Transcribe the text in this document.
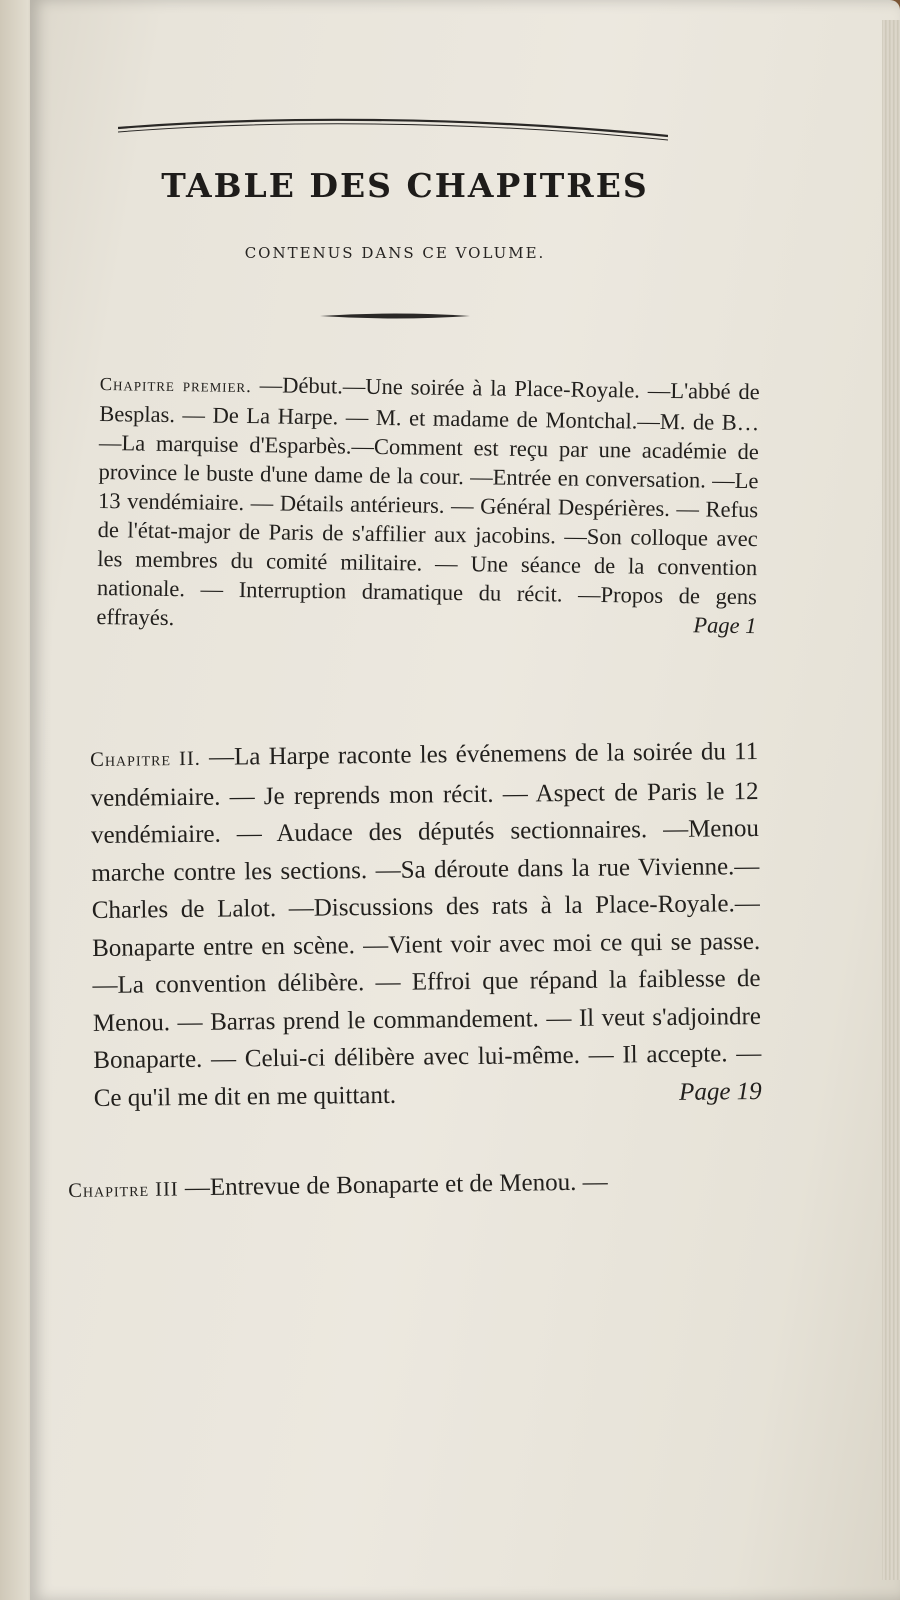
TABLE DES CHAPITRES
CONTENUS DANS CE VOLUME.

Chapitre premier. —Début.—Une soirée à la Place-Royale. —L'abbé de Besplas. — De La Harpe. — M. et madame de Montchal.—M. de B… —La marquise d'Esparbès.—Comment est reçu par une académie de province le buste d'une dame de la cour. —Entrée en conversation. —Le 13 vendémiaire. — Détails antérieurs. — Général Despérières. — Refus de l'état-major de Paris de s'affilier aux jacobins. —Son colloque avec les membres du comité militaire. — Une séance de la convention nationale. — Interruption dramatique du récit. —Propos de gens effrayés.	Page 1

Chapitre II. —La Harpe raconte les événemens de la soirée du 11 vendémiaire. — Je reprends mon récit. — Aspect de Paris le 12 vendémiaire. — Audace des députés sectionnaires. —Menou marche contre les sections. —Sa déroute dans la rue Vivienne.—Charles de Lalot. —Discussions des rats à la Place-Royale.—Bonaparte entre en scène. —Vient voir avec moi ce qui se passe.—La convention délibère. — Effroi que répand la faiblesse de Menou. — Barras prend le commandement. — Il veut s'adjoindre Bonaparte. — Celui-ci délibère avec lui-même. — Il accepte. —Ce qu'il me dit en me quittant.	Page 19

Chapitre III —Entrevue de Bonaparte et de Menou. —
